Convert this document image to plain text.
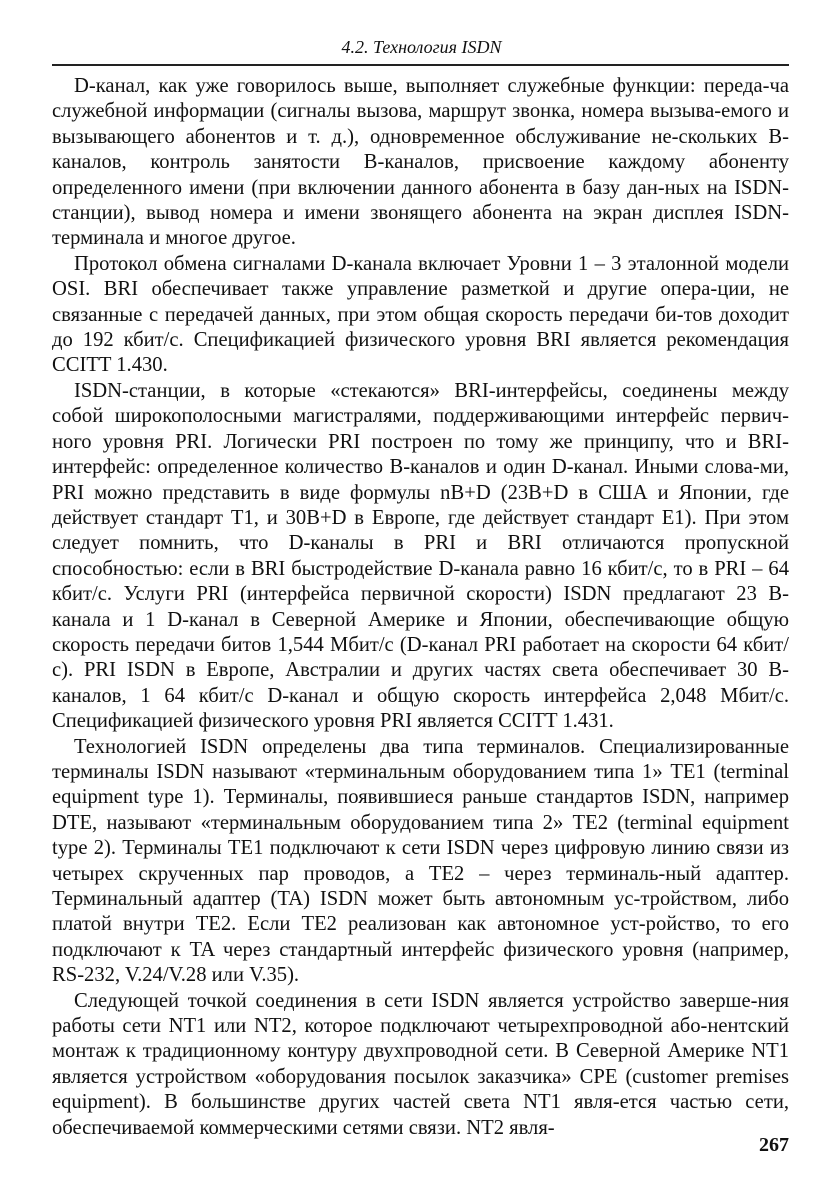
4.2. Технология ISDN

D-канал, как уже говорилось выше, выполняет служебные функции: переда-ча служебной информации (сигналы вызова, маршрут звонка, номера вызыва-емого и вызывающего абонентов и т. д.), одновременное обслуживание не-скольких В-каналов, контроль занятости В-каналов, присвоение каждому абоненту определенного имени (при включении данного абонента в базу дан-ных на ISDN-станции), вывод номера и имени звонящего абонента на экран дисплея ISDN-терминала и многое другое.

Протокол обмена сигналами D-канала включает Уровни 1 – 3 эталонной модели OSI. BRI обеспечивает также управление разметкой и другие опера-ции, не связанные с передачей данных, при этом общая скорость передачи би-тов доходит до 192 кбит/с. Спецификацией физического уровня BRI является рекомендация CCITT 1.430.

ISDN-станции, в которые «стекаются» BRI-интерфейсы, соединены между собой широкополосными магистралями, поддерживающими интерфейс первич-ного уровня PRI. Логически PRI построен по тому же принципу, что и BRI-интерфейс: определенное количество B-каналов и один D-канал. Иными слова-ми, PRI можно представить в виде формулы nB+D (23B+D в США и Японии, где действует стандарт T1, и 30B+D в Европе, где действует стандарт E1). При этом следует помнить, что D-каналы в PRI и BRI отличаются пропускной способностью: если в BRI быстродействие D-канала равно 16 кбит/с, то в PRI – 64 кбит/с. Услуги PRI (интерфейса первичной скорости) ISDN предлагают 23 B-канала и 1 D-канал в Северной Америке и Японии, обеспечивающие общую скорость передачи битов 1,544 Мбит/с (D-канал PRI работает на скорости 64 кбит/с). PRI ISDN в Европе, Австралии и других частях света обеспечивает 30 B-каналов, 1 64 кбит/с D-канал и общую скорость интерфейса 2,048 Мбит/с. Спецификацией физического уровня PRI является CCITT 1.431.

Технологией ISDN определены два типа терминалов. Специализированные терминалы ISDN называют «терминальным оборудованием типа 1» TE1 (terminal equipment type 1). Терминалы, появившиеся раньше стандартов ISDN, например DTE, называют «терминальным оборудованием типа 2» TE2 (terminal equipment type 2). Терминалы TE1 подключают к сети ISDN через цифровую линию связи из четырех скрученных пар проводов, а TE2 – через терминаль-ный адаптер. Терминальный адаптер (TA) ISDN может быть автономным ус-тройством, либо платой внутри TE2. Если TE2 реализован как автономное уст-ройство, то его подключают к TA через стандартный интерфейс физического уровня (например, RS-232, V.24/V.28 или V.35).

Следующей точкой соединения в сети ISDN является устройство заверше-ния работы сети NT1 или NT2, которое подключают четырехпроводной або-нентский монтаж к традиционному контуру двухпроводной сети. В Северной Америке NT1 является устройством «оборудования посылок заказчика» CPE (customer premises equipment). В большинстве других частей света NT1 явля-ется частью сети, обеспечиваемой коммерческими сетями связи. NT2 явля-

267
